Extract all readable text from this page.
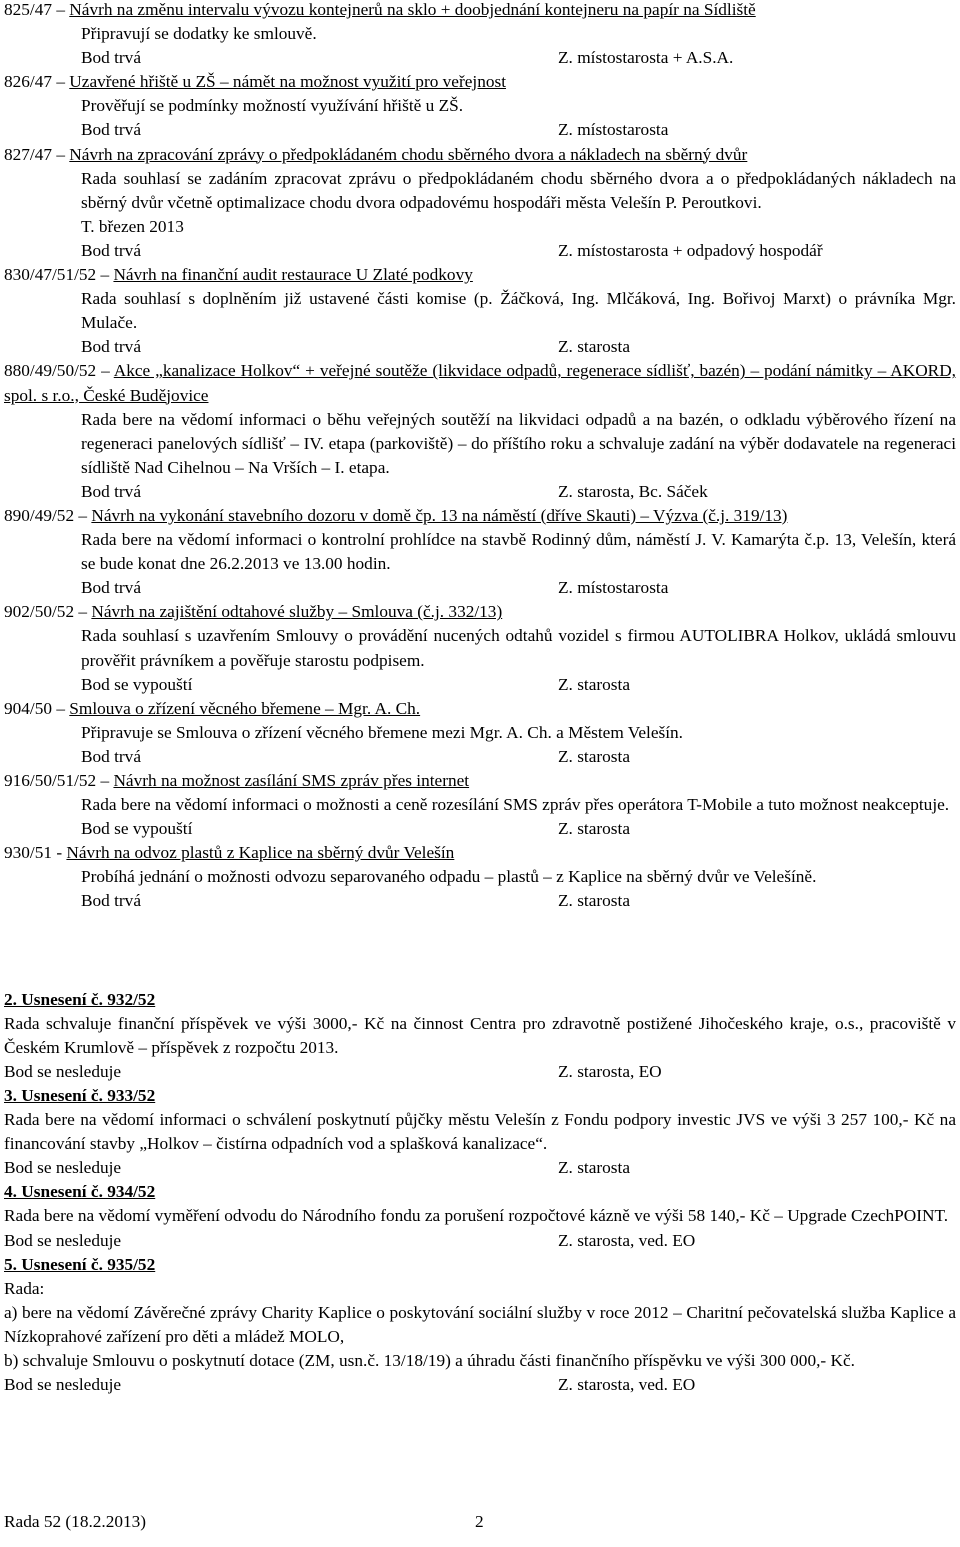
825/47 – Návrh na změnu intervalu vývozu kontejnerů na sklo + doobjednání kontejneru na papír na Sídliště
Připravují se dodatky ke smlouvě.
Bod trvá	Z. místostarosta + A.S.A.
826/47 – Uzavřené hřiště u ZŠ – námět na možnost využití pro veřejnost
Prověřují se podmínky možností využívání hřiště u ZŠ.
Bod trvá	Z. místostarosta
827/47 – Návrh na zpracování zprávy o předpokládaném chodu sběrného dvora a nákladech na sběrný dvůr
Rada souhlasí se zadáním zpracovat zprávu o předpokládaném chodu sběrného dvora a o předpokládaných nákladech na sběrný dvůr včetně optimalizace chodu dvora odpadovému hospodáři města Velešín P. Peroutkovi.
T. březen 2013
Bod trvá	Z. místostarosta + odpadový hospodář
830/47/51/52 – Návrh na finanční audit restaurace U Zlaté podkovy
Rada souhlasí s doplněním již ustavené části komise (p. Žáčková, Ing. Mlčáková, Ing. Bořivoj Marxt) o právníka Mgr. Mulače.
Bod trvá	Z. starosta
880/49/50/52 – Akce „kanalizace Holkov“ + veřejné soutěže (likvidace odpadů, regenerace sídlišť, bazén) – podání námitky – AKORD, spol. s r.o., České Budějovice
Rada bere na vědomí informaci o běhu veřejných soutěží na likvidaci odpadů a na bazén, o odkladu výběrového řízení na regeneraci panelových sídlišť – IV. etapa (parkoviště) – do příštího roku a schvaluje zadání na výběr dodavatele na regeneraci sídliště Nad Cihelnou – Na Vrších – I. etapa.
Bod trvá	Z. starosta, Bc. Sáček
890/49/52 – Návrh na vykonání stavebního dozoru v domě čp. 13 na náměstí (dříve Skauti) – Výzva (č.j. 319/13)
Rada bere na vědomí informaci o kontrolní prohlídce na stavbě Rodinný dům, náměstí J. V. Kamarýta č.p. 13, Velešín, která se bude konat dne 26.2.2013 ve 13.00 hodin.
Bod trvá	Z. místostarosta
902/50/52 – Návrh na zajištění odtahové služby – Smlouva (č.j. 332/13)
Rada souhlasí s uzavřením Smlouvy o provádění nucených odtahů vozidel s firmou AUTOLIBRA Holkov, ukládá smlouvu prověřit právníkem a pověřuje starostu podpisem.
Bod se vypouští	Z. starosta
904/50 – Smlouva o zřízení věcného břemene – Mgr. A. Ch.
Připravuje se Smlouva o zřízení věcného břemene mezi Mgr. A. Ch. a Městem Velešín.
Bod trvá	Z. starosta
916/50/51/52 – Návrh na možnost zasílání SMS zpráv přes internet
Rada bere na vědomí informaci o možnosti a ceně rozesílání SMS zpráv přes operátora T-Mobile a tuto možnost neakceptuje.
Bod se vypouští	Z. starosta
930/51 - Návrh na odvoz plastů z Kaplice na sběrný dvůr Velešín
Probíhá jednání o možnosti odvozu separovaného odpadu – plastů – z Kaplice na sběrný dvůr ve Velešíně.
Bod trvá	Z. starosta
2. Usnesení č. 932/52
Rada schvaluje finanční příspěvek ve výši 3000,- Kč na činnost Centra pro zdravotně postižené Jihočeského kraje, o.s., pracoviště v Českém Krumlově – příspěvek z rozpočtu 2013.
Bod se nesleduje	Z. starosta, EO
3. Usnesení č. 933/52
Rada bere na vědomí informaci o schválení poskytnutí půjčky městu Velešín z Fondu podpory investic JVS ve výši 3 257 100,- Kč na financování stavby „Holkov – čistírna odpadních vod a splašková kanalizace“.
Bod se nesleduje	Z. starosta
4. Usnesení č. 934/52
Rada bere na vědomí vyměření odvodu do Národního fondu za porušení rozpočtové kázně ve výši 58 140,- Kč – Upgrade CzechPOINT.
Bod se nesleduje	Z. starosta, ved. EO
5. Usnesení č. 935/52
Rada:
a) bere na vědomí Závěrečné zprávy Charity Kaplice o poskytování sociální služby v roce 2012 – Charitní pečovatelská služba Kaplice a Nízkoprahové zařízení pro děti a mládež MOLO,
b) schvaluje Smlouvu o poskytnutí dotace (ZM, usn.č. 13/18/19) a úhradu části finančního příspěvku ve výši 300 000,- Kč.
Bod se nesleduje	Z. starosta, ved. EO
Rada 52 (18.2.2013)	2
